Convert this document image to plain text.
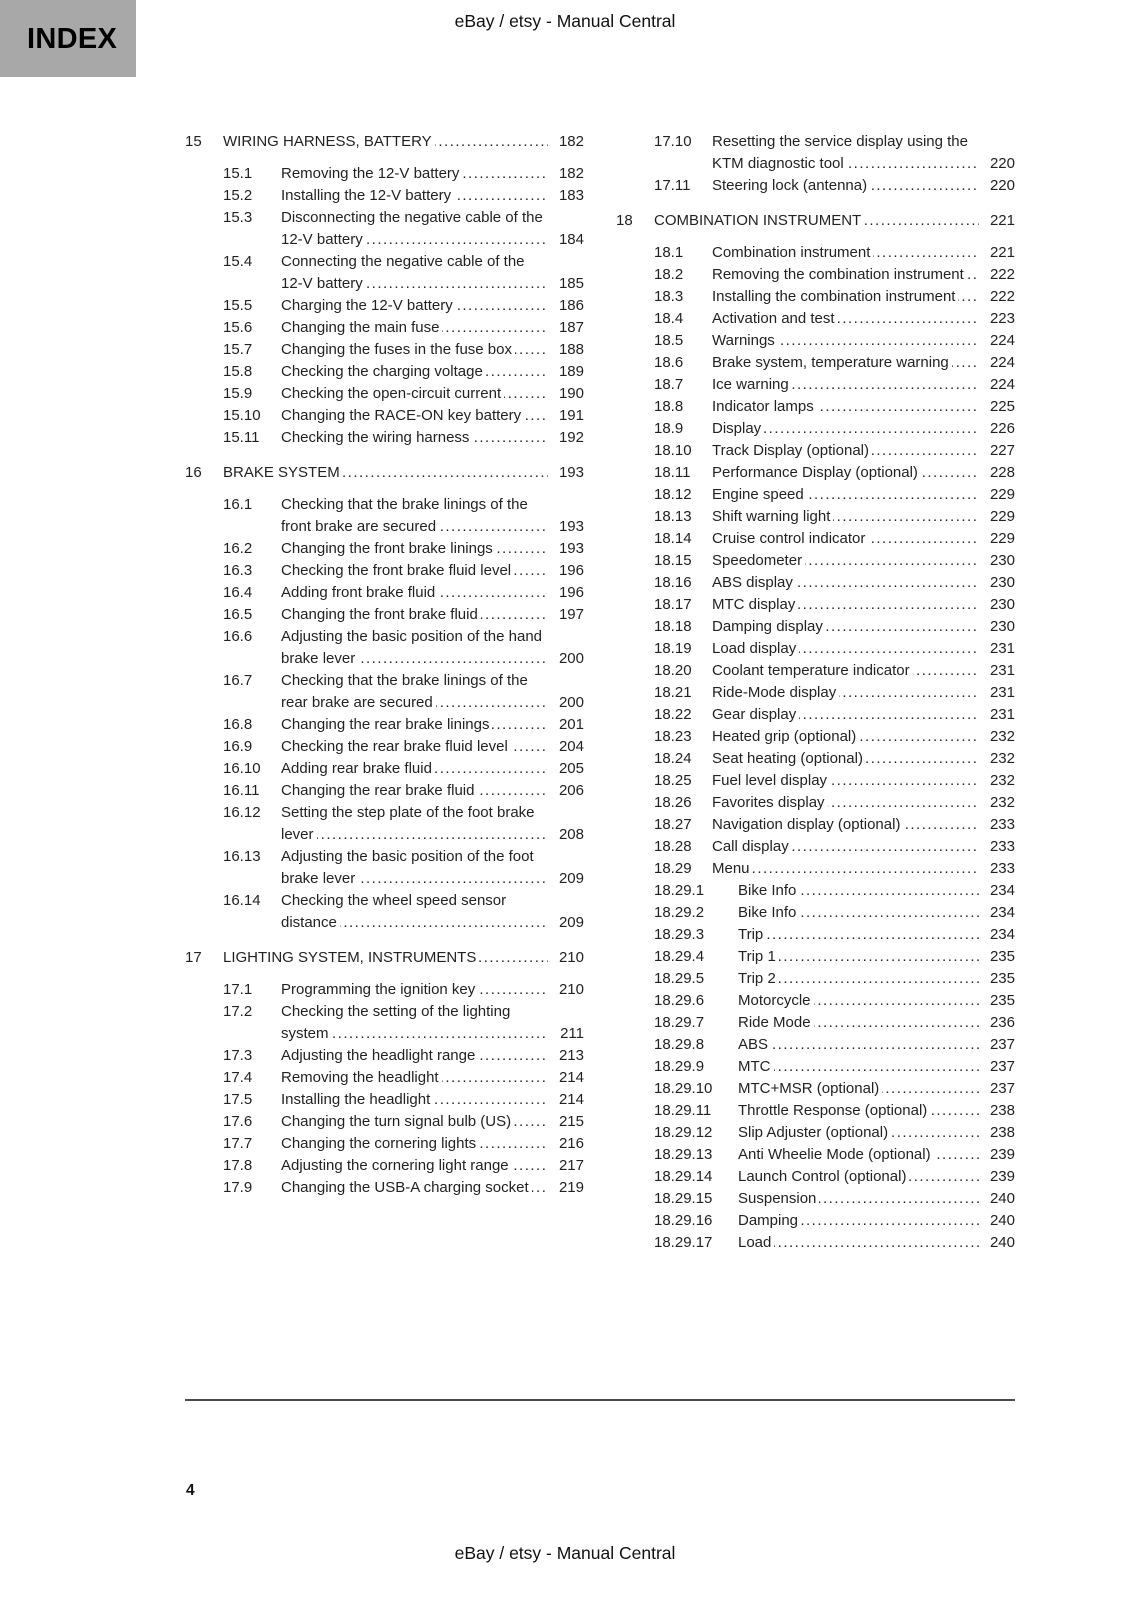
INDEX
eBay / etsy - Manual Central
15	WIRING HARNESS, BATTERY .....	182
15.1	Removing the 12-V battery .....	182
15.2	Installing the 12-V battery .....	183
15.3	Disconnecting the negative cable of the 12-V battery .....	184
15.4	Connecting the negative cable of the 12-V battery .....	185
15.5	Charging the 12-V battery .....	186
15.6	Changing the main fuse .....	187
15.7	Changing the fuses in the fuse box .....	188
15.8	Checking the charging voltage .....	189
15.9	Checking the open-circuit current .....	190
15.10	Changing the RACE-ON key battery .....	191
15.11	Checking the wiring harness .....	192
16	BRAKE SYSTEM .....	193
16.1	Checking that the brake linings of the front brake are secured .....	193
16.2	Changing the front brake linings .....	193
16.3	Checking the front brake fluid level .....	196
16.4	Adding front brake fluid .....	196
16.5	Changing the front brake fluid .....	197
16.6	Adjusting the basic position of the hand brake lever .....	200
16.7	Checking that the brake linings of the rear brake are secured .....	200
16.8	Changing the rear brake linings .....	201
16.9	Checking the rear brake fluid level .....	204
16.10	Adding rear brake fluid .....	205
16.11	Changing the rear brake fluid .....	206
16.12	Setting the step plate of the foot brake lever .....	208
16.13	Adjusting the basic position of the foot brake lever .....	209
16.14	Checking the wheel speed sensor distance .....	209
17	LIGHTING SYSTEM, INSTRUMENTS .....	210
17.1	Programming the ignition key .....	210
17.2	Checking the setting of the lighting system .....	211
17.3	Adjusting the headlight range .....	213
17.4	Removing the headlight .....	214
17.5	Installing the headlight .....	214
17.6	Changing the turn signal bulb (US) .....	215
17.7	Changing the cornering lights .....	216
17.8	Adjusting the cornering light range .....	217
17.9	Changing the USB-A charging socket .....	219
17.10	Resetting the service display using the KTM diagnostic tool .....	220
17.11	Steering lock (antenna) .....	220
18	COMBINATION INSTRUMENT .....	221
18.1	Combination instrument .....	221
18.2	Removing the combination instrument .....	222
18.3	Installing the combination instrument .....	222
18.4	Activation and test .....	223
18.5	Warnings .....	224
18.6	Brake system, temperature warning .....	224
18.7	Ice warning .....	224
18.8	Indicator lamps .....	225
18.9	Display .....	226
18.10	Track Display (optional) .....	227
18.11	Performance Display (optional) .....	228
18.12	Engine speed .....	229
18.13	Shift warning light .....	229
18.14	Cruise control indicator .....	229
18.15	Speedometer .....	230
18.16	ABS display .....	230
18.17	MTC display .....	230
18.18	Damping display .....	230
18.19	Load display .....	231
18.20	Coolant temperature indicator .....	231
18.21	Ride-Mode display .....	231
18.22	Gear display .....	231
18.23	Heated grip (optional) .....	232
18.24	Seat heating (optional) .....	232
18.25	Fuel level display .....	232
18.26	Favorites display .....	232
18.27	Navigation display (optional) .....	233
18.28	Call display .....	233
18.29	Menu .....	233
18.29.1	Bike Info .....	234
18.29.2	Bike Info .....	234
18.29.3	Trip .....	234
18.29.4	Trip 1 .....	235
18.29.5	Trip 2 .....	235
18.29.6	Motorcycle .....	235
18.29.7	Ride Mode .....	236
18.29.8	ABS .....	237
18.29.9	MTC .....	237
18.29.10	MTC+MSR (optional) .....	237
18.29.11	Throttle Response (optional) .....	238
18.29.12	Slip Adjuster (optional) .....	238
18.29.13	Anti Wheelie Mode (optional) .....	239
18.29.14	Launch Control (optional) .....	239
18.29.15	Suspension .....	240
18.29.16	Damping .....	240
18.29.17	Load .....	240
4
eBay / etsy - Manual Central
